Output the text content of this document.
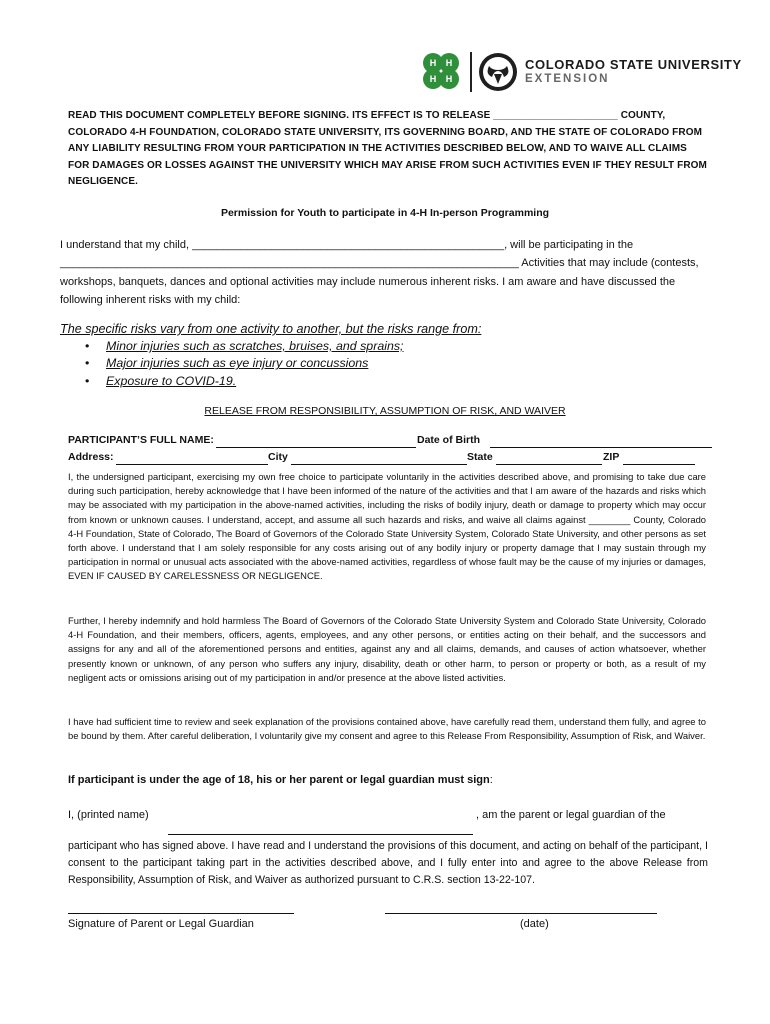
H H
H H
COLORADO STATE UNIVERSITY
EXTENSION

READ THIS DOCUMENT COMPLETELY BEFORE SIGNING. ITS EFFECT IS TO RELEASE ______________________ COUNTY, COLORADO 4-H FOUNDATION, COLORADO STATE UNIVERSITY, ITS GOVERNING BOARD, AND THE STATE OF COLORADO FROM ANY LIABILITY RESULTING FROM YOUR PARTICIPATION IN THE ACTIVITIES DESCRIBED BELOW, AND TO WAIVE ALL CLAIMS FOR DAMAGES OR LOSSES AGAINST THE UNIVERSITY WHICH MAY ARISE FROM SUCH ACTIVITIES EVEN IF THEY RESULT FROM NEGLIGENCE.

Permission for Youth to participate in 4-H In-person Programming

I understand that my child, ___________________________________________________, will be participating in the ___________________________________________________________________________ Activities that may include (contests, workshops, banquets, dances and optional activities may include numerous inherent risks. I am aware and have discussed the following inherent risks with my child:

The specific risks vary from one activity to another, but the risks range from:
• Minor injuries such as scratches, bruises, and sprains;
• Major injuries such as eye injury or concussions
• Exposure to COVID-19.
RELEASE FROM RESPONSIBILITY, ASSUMPTION OF RISK, AND WAIVER
PARTICIPANT’S FULL NAME:	Date of Birth
Address:	City	State	ZIP

I, the undersigned participant, exercising my own free choice to participate voluntarily in the activities described above, and promising to take due care during such participation, hereby acknowledge that I have been informed of the nature of the activities and that I am aware of the hazards and risks which may be associated with my participation in the above-named activities, including the risks of bodily injury, death or damage to property which may occur from known or unknown causes. I understand, accept, and assume all such hazards and risks, and waive all claims against ________ County, Colorado 4-H Foundation, State of Colorado, The Board of Governors of the Colorado State University System, Colorado State University, and other persons as set forth above. I understand that I am solely responsible for any costs arising out of any bodily injury or property damage that I may sustain through my participation in normal or unusual acts associated with the above-named activities, regardless of whose fault may be the cause of my injuries or damages, EVEN IF CAUSED BY CARELESSNESS OR NEGLIGENCE.

Further, I hereby indemnify and hold harmless The Board of Governors of the Colorado State University System and Colorado State University, Colorado 4-H Foundation, and their members, officers, agents, employees, and any other persons, or entities acting on their behalf, and the successors and assigns for any and all of the aforementioned persons and entities, against any and all claims, demands, and causes of action whatsoever, whether presently known or unknown, of any person who suffers any injury, disability, death or other harm, to person or property or both, as a result of my negligent acts or omissions arising out of my participation in and/or presence at the above listed activities.

I have had sufficient time to review and seek explanation of the provisions contained above, have carefully read them, understand them fully, and agree to be bound by them. After careful deliberation, I voluntarily give my consent and agree to this Release From Responsibility, Assumption of Risk, and Waiver.

If participant is under the age of 18, his or her parent or legal guardian must sign:
I, (printed name)	, am the parent or legal guardian of the

participant who has signed above. I have read and I understand the provisions of this document, and acting on behalf of the participant, I consent to the participant taking part in the activities described above, and I fully enter into and agree to the above Release from Responsibility, Assumption of Risk, and Waiver as authorized pursuant to C.R.S. section 13-22-107.

Signature of Parent or Legal Guardian	(date)
